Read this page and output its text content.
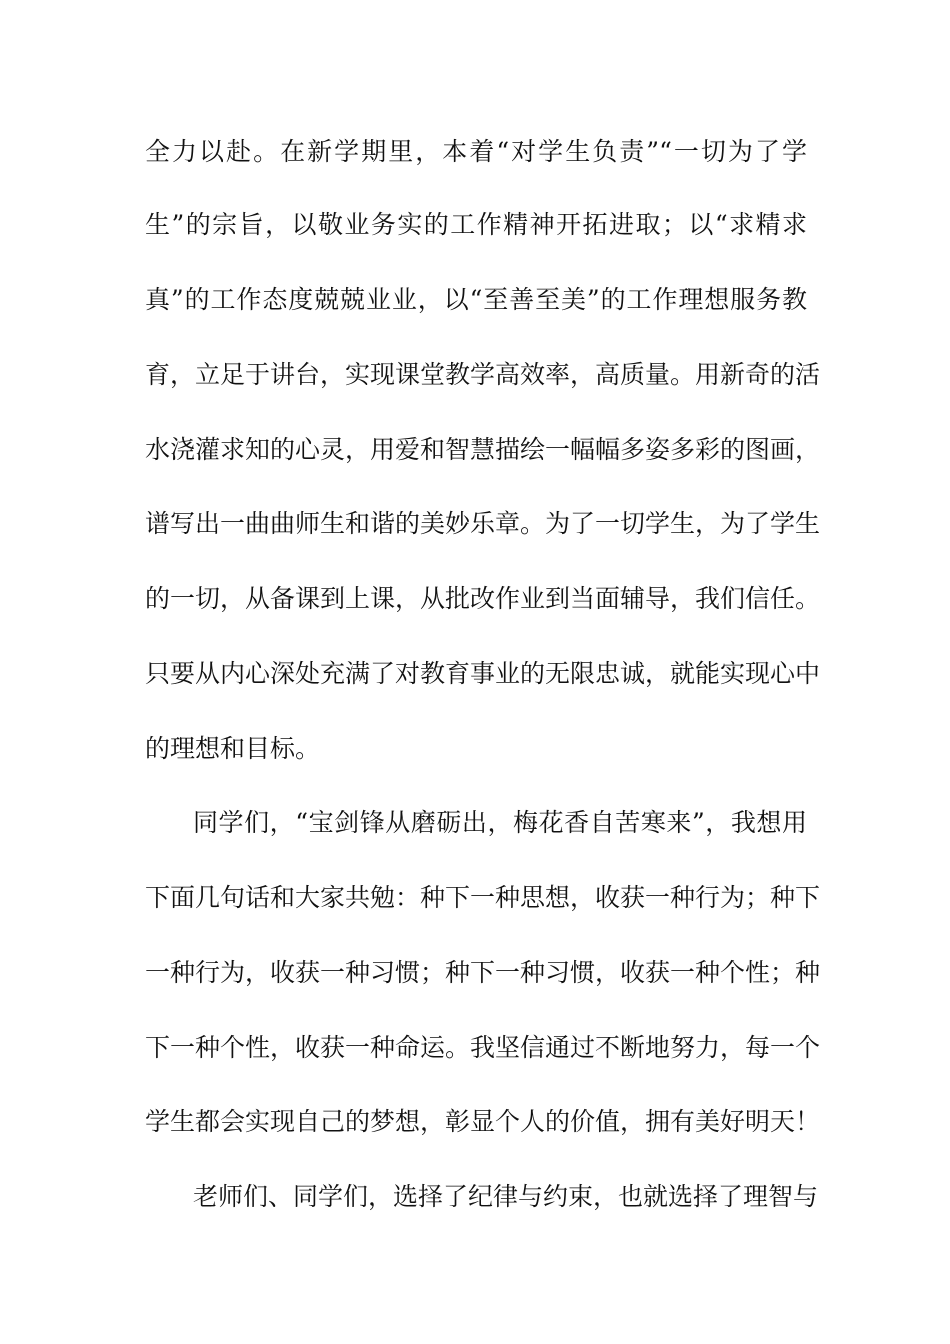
全力以赴。在新学期里，本着“对学生负责”“一切为了学
生”的宗旨，以敬业务实的工作精神开拓进取；以“求精求
真”的工作态度兢兢业业，以“至善至美”的工作理想服务教
育，立足于讲台，实现课堂教学高效率，高质量。用新奇的活
水浇灌求知的心灵，用爱和智慧描绘一幅幅多姿多彩的图画，
谱写出一曲曲师生和谐的美妙乐章。为了一切学生，为了学生
的一切，从备课到上课，从批改作业到当面辅导，我们信任。
只要从内心深处充满了对教育事业的无限忠诚，就能实现心中
的理想和目标。
同学们，“宝剑锋从磨砺出，梅花香自苦寒来”，我想用
下面几句话和大家共勉：种下一种思想，收获一种行为；种下
一种行为，收获一种习惯；种下一种习惯，收获一种个性；种
下一种个性，收获一种命运。我坚信通过不断地努力，每一个
学生都会实现自己的梦想，彰显个人的价值，拥有美好明天！
老师们、同学们，选择了纪律与约束，也就选择了理智与
